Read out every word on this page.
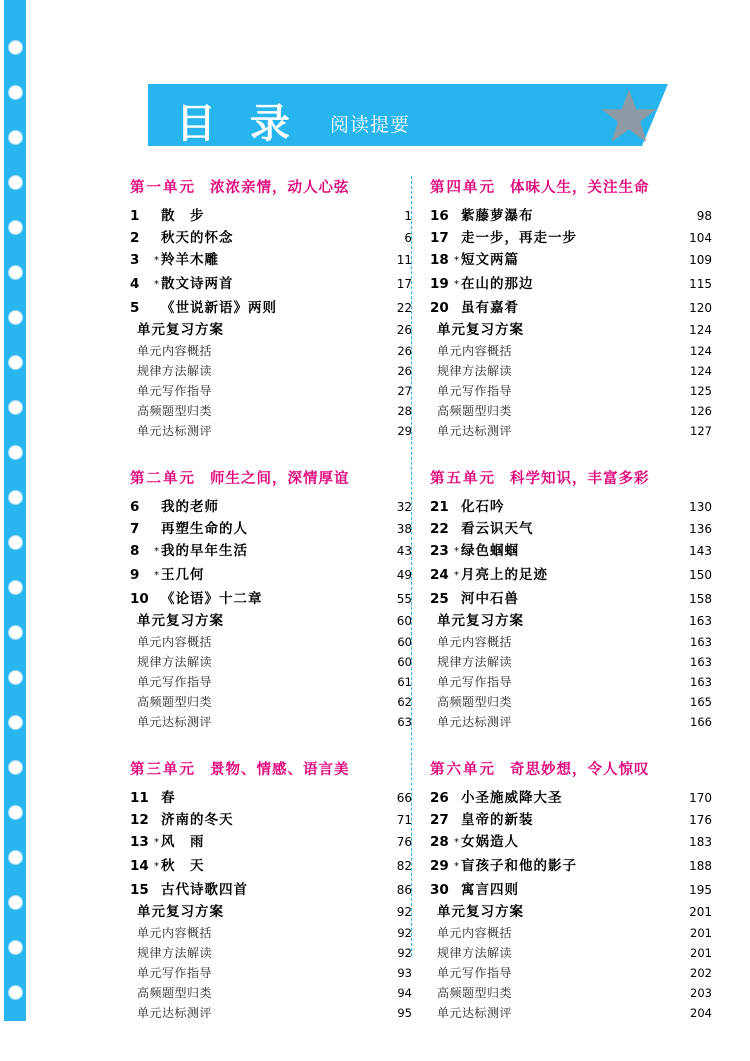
目 录 阅读提要
第一单元 浓浓亲情，动人心弦
1	散　步	1
2	秋天的怀念	6
3	* 羚羊木雕	11
4	* 散文诗两首	17
5	《世说新语》两则	22
单元复习方案	26
单元内容概括	26
规律方法解读	26
单元写作指导	27
高频题型归类	28
单元达标测评	29
第二单元 师生之间，深情厚谊
6	我的老师	32
7	再塑生命的人	38
8	* 我的早年生活	43
9	* 王几何	49
10 《论语》十二章	55
单元复习方案	60
单元内容概括	60
规律方法解读	60
单元写作指导	61
高频题型归类	62
单元达标测评	63
第三单元 景物、情感、语言美
11 春	66
12 济南的冬天	71
13 * 风　雨	76
14 * 秋　天	82
15 古代诗歌四首	86
单元复习方案	92
单元内容概括	92
规律方法解读	92
单元写作指导	93
高频题型归类	94
单元达标测评	95
第四单元 体味人生，关注生命
16 紫藤萝瀑布	98
17 走一步，再走一步	104
18 * 短文两篇	109
19 * 在山的那边	115
20 虽有嘉肴	120
单元复习方案	124
单元内容概括	124
规律方法解读	124
单元写作指导	125
高频题型归类	126
单元达标测评	127
第五单元 科学知识，丰富多彩
21 化石吟	130
22 看云识天气	136
23 * 绿色蝈蝈	143
24 * 月亮上的足迹	150
25 河中石兽	158
单元复习方案	163
单元内容概括	163
规律方法解读	163
单元写作指导	163
高频题型归类	165
单元达标测评	166
第六单元 奇思妙想，令人惊叹
26 小圣施威降大圣	170
27 皇帝的新装	176
28 * 女娲造人	183
29 * 盲孩子和他的影子	188
30 寓言四则	195
单元复习方案	201
单元内容概括	201
规律方法解读	201
单元写作指导	202
高频题型归类	203
单元达标测评	204
